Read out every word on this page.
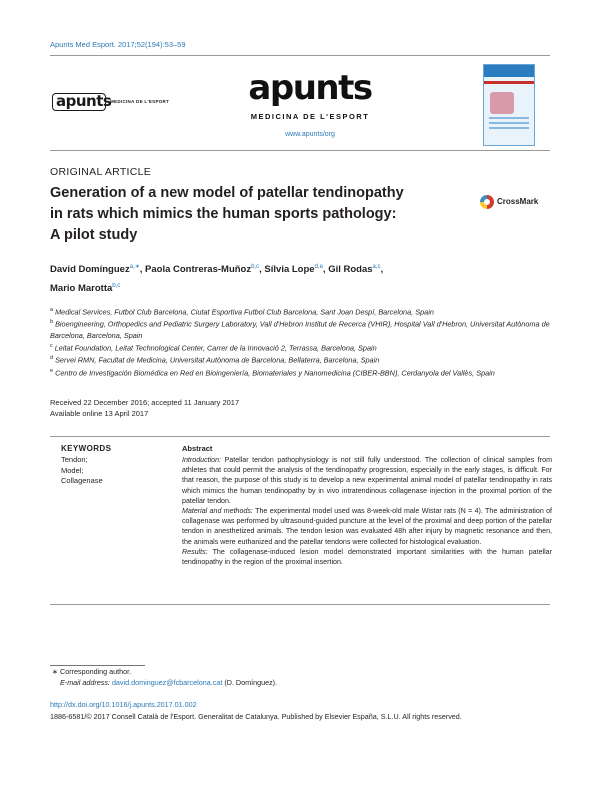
Apunts Med Esport. 2017;52(194):53–59
apunts
MEDICINA DE L'ESPORT	apunts
MEDICINA DE L'ESPORT
www.apunts/org
ORIGINAL ARTICLE
Generation of a new model of patellar tendinopathy
in rats which mimics the human sports pathology:
A pilot study
CrossMark
David Domínguez$^{a,∗}$, Paola Contreras-Muñoz$^{b,c}$, Sílvia Lope$^{d,e}$, Gil Rodas$^{a,c}$,
Mario Marotta$^{b,c}$
$^a$ Medical Services, Futbol Club Barcelona, Ciutat Esportiva Futbol Club Barcelona, Sant Joan Despí, Barcelona, Spain
$^b$ Bioengineering, Orthopedics and Pediatric Surgery Laboratory, Vall d'Hebron Institut de Recerca (VHIR), Hospital Vall d'Hebron, Universitat Autònoma de Barcelona, Barcelona, Spain
$^c$ Leitat Foundation, Leitat Technological Center, Carrer de la Innovació 2, Terrassa, Barcelona, Spain
$^d$ Servei RMN, Facultat de Medicina, Universitat Autònoma de Barcelona, Bellaterra, Barcelona, Spain
$^e$ Centro de Investigación Biomédica en Red en Bioingeniería, Biomateriales y Nanomedicina (CIBER-BBN), Cerdanyola del Vallès, Spain
Received 22 December 2016; accepted 11 January 2017
Available online 13 April 2017
KEYWORDS
Tendon;
Model;
Collagenase
Abstract

Introduction: Patellar tendon pathophysiology is not still fully understood. The collection of clinical samples from athletes that could permit the analysis of the tendinopathy progression, especially in the early stages, is difficult. For that reason, the purpose of this study is to develop a new experimental animal model of patellar tendinopathy in rats which mimics the human tendinopathy by in vivo intratendinous collagenase injection in the proximal portion of the patellar tendon.

Material and methods: The experimental model used was 8-week-old male Wistar rats (N = 4). The administration of collagenase was performed by ultrasound-guided puncture at the level of the proximal and deep portion of the patellar tendon in anesthetized animals. The tendon lesion was evaluated 48h after injury by magnetic resonance and then, the animals were euthanized and the patellar tendons were collected for histological evaluation.

Results: The collagenase-induced lesion model demonstrated important similarities with the human patellar tendinopathy in the region of the proximal insertion.

∗ Corresponding author.
E-mail address: david.dominguez@fcbarcelona.cat (D. Domínguez).
http://dx.doi.org/10.1016/j.apunts.2017.01.002
1886-6581/© 2017 Consell Català de l'Esport. Generalitat de Catalunya. Published by Elsevier España, S.L.U. All rights reserved.
